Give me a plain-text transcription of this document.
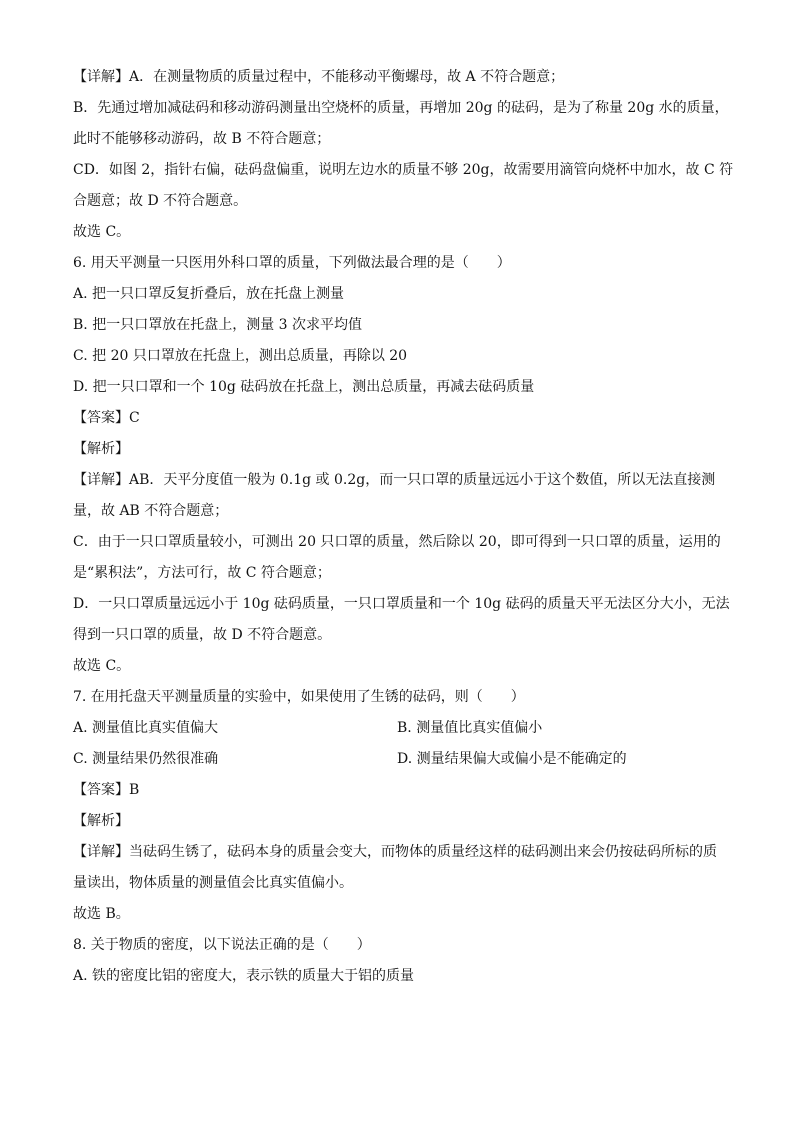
【详解】A．在测量物质的质量过程中，不能移动平衡螺母，故 A 不符合题意；
B．先通过增加减砝码和移动游码测量出空烧杯的质量，再增加 20g 的砝码，是为了称量 20g 水的质量，
此时不能够移动游码，故 B 不符合题意；
CD．如图 2，指针右偏，砝码盘偏重，说明左边水的质量不够 20g，故需要用滴管向烧杯中加水，故 C 符
合题意；故 D 不符合题意。
故选 C。
6. 用天平测量一只医用外科口罩的质量，下列做法最合理的是（　　）
A. 把一只口罩反复折叠后，放在托盘上测量
B. 把一只口罩放在托盘上，测量 3 次求平均值
C. 把 20 只口罩放在托盘上，测出总质量，再除以 20
D. 把一只口罩和一个 10g 砝码放在托盘上，测出总质量，再减去砝码质量
【答案】C
【解析】
【详解】AB．天平分度值一般为 0.1g 或 0.2g，而一只口罩的质量远远小于这个数值，所以无法直接测
量，故 AB 不符合题意；
C．由于一只口罩质量较小，可测出 20 只口罩的质量，然后除以 20，即可得到一只口罩的质量，运用的
是“累积法”，方法可行，故 C 符合题意；
D．一只口罩质量远远小于 10g 砝码质量，一只口罩质量和一个 10g 砝码的质量天平无法区分大小，无法
得到一只口罩的质量，故 D 不符合题意。
故选 C。
7. 在用托盘天平测量质量的实验中，如果使用了生锈的砝码，则（　　）
A. 测量值比真实值偏大	B. 测量值比真实值偏小
C. 测量结果仍然很准确	D. 测量结果偏大或偏小是不能确定的
【答案】B
【解析】
【详解】当砝码生锈了，砝码本身的质量会变大，而物体的质量经这样的砝码测出来会仍按砝码所标的质
量读出，物体质量的测量值会比真实值偏小。
故选 B。
8. 关于物质的密度，以下说法正确的是（　　）
A. 铁的密度比铝的密度大，表示铁的质量大于铝的质量
